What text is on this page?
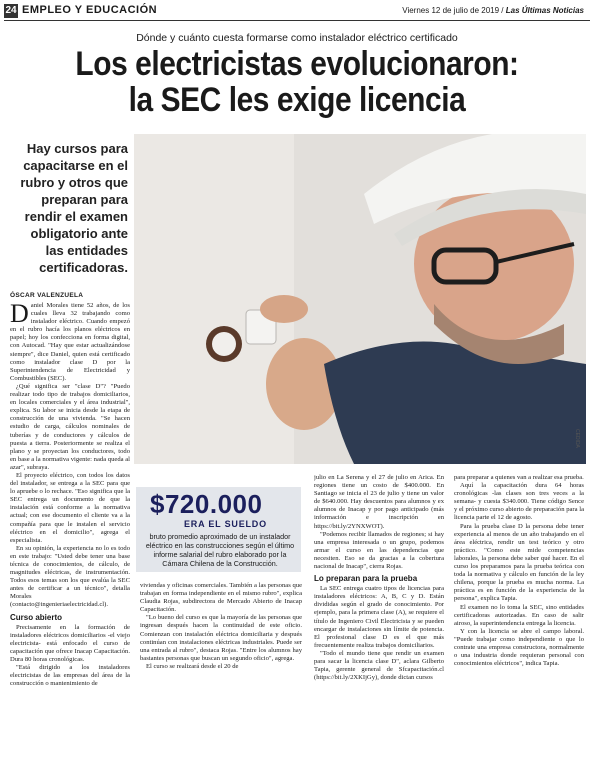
24 EMPLEO Y EDUCACIÓN	Viernes 12 de julio de 2019 / Las Últimas Noticias
Dónde y cuánto cuesta formarse como instalador eléctrico certificado
Los electricistas evolucionaron:
la SEC les exige licencia
Hay cursos para capacitarse en el rubro y otros que preparan para rendir el examen obligatorio ante las entidades certificadoras.
ÓSCAR VALENZUELA
CEDIDA

Daniel Morales tiene 52 años, de los cuales lleva 32 trabajando como instalador eléctrico. Cuando empezó en el rubro hacía los planos eléctricos en papel; hoy los confecciona en forma digital, con Autocad. "Hay que estar actualizándose siempre", dice Daniel, quien está certificado como instalador clase D por la Superintendencia de Electricidad y Combustibles (SEC).

¿Qué significa ser "clase D"? "Puedo realizar todo tipo de trabajos domiciliarios, en locales comerciales y el área industrial", explica. Su labor se inicia desde la etapa de construcción de una vivienda. "Se hacen estudio de carga, cálculos nominales de tuberías y de conductores y cálculos de puesta a tierra. Posteriormente se realiza el plano y se proyectan los conductores, todo en base a la normativa vigente: nada queda al azar", subraya.

El proyecto eléctrico, con todos los datos del instalador, se entrega a la SEC para que lo apruebe o lo rechace. "Eso significa que la SEC entrega un documento de que la instalación está conforme a la normativa actual; con ese documento el cliente va a la compañía para que le instalen el servicio eléctrico en el domicilio", agrega el especialista.

En su opinión, la experiencia no lo es todo en este trabajo: "Usted debe tener una base técnica de conocimientos, de cálculo, de magnitudes eléctricas, de instrumentación. Todos esos temas son los que evalúa la SEC antes de certificar a un técnico", detalla Morales (contacto@ingenieriaelectricidad.cl).

Curso abierto

Precisamente en la formación de instaladores eléctricos domiciliarios -el viejo electricista- está enfocado el curso de capacitación que ofrece Inacap Capacitación. Dura 80 horas cronológicas.

"Está dirigido a los instaladores electricistas de las empresas del área de la construcción o mantenimiento de

$720.000
ERA EL SUELDO
bruto promedio aproximado de un instalador eléctrico en las construcciones según el último informe salarial del rubro elaborado por la Cámara Chilena de la Construcción.

viviendas y oficinas comerciales. También a las personas que trabajan en forma independiente en el mismo rubro", explica Claudia Rojas, subdirectora de Mercado Abierto de Inacap Capacitación.

"Lo bueno del curso es que la mayoría de las personas que ingresan después hacen la continuidad de este oficio. Comienzan con instalación eléctrica domiciliaria y después continúan con instalaciones eléctricas industriales. Puede ser una entrada al rubro", destaca Rojas. "Entre los alumnos hay bastantes personas que buscan un segundo oficio", agrega.

El curso se realizará desde el 20 de

julio en La Serena y el 27 de julio en Arica. En regiones tiene un costo de $400.000. En Santiago se inicia el 23 de julio y tiene un valor de $640.000. Hay descuentos para alumnos y ex alumnos de Inacap y por pago anticipado (más información e inscripción en https://bit.ly/2YNXWOT).

"Podemos recibir llamados de regiones; si hay una empresa interesada o un grupo, podemos armar el curso en las dependencias que necesiten. Eso se da gracias a la cobertura nacional de Inacap", cierra Rojas.

Lo preparan para la prueba

La SEC entrega cuatro tipos de licencias para instaladores eléctricos: A, B, C y D. Están divididas según el grado de conocimiento. Por ejemplo, para la primera clase (A), se requiere el título de Ingeniero Civil Electricista y se pueden encargar de instalaciones sin límite de potencia. El profesional clase D es el que más frecuentemente realiza trabajos domiciliarios.

"Todo el mundo tiene que rendir un examen para sacar la licencia clase D", aclara Gilberto Tapia, gerente general de Sfcapacitación.cl (https://bit.ly/2XKIjGy), donde dictan cursos

para preparar a quienes van a realizar esa prueba.

Aquí la capacitación dura 64 horas cronológicas -las clases son tres veces a la semana- y cuesta $340.000. Tiene código Sence y el próximo curso abierto de preparación para la licencia parte el 12 de agosto.

Para la prueba clase D la persona debe tener experiencia al menos de un año trabajando en el área eléctrica, rendir un test teórico y otro práctico. "Como este mide competencias laborales, la persona debe saber qué hacer. En el curso los preparamos para la prueba teórica con toda la normativa y cálculo en función de la ley chilena, porque la prueba es mucha norma. La práctica es en función de la experiencia de la persona", explica Tapia.

El examen no lo toma la SEC, sino entidades certificadoras autorizadas. En caso de salir airoso, la superintendencia entrega la licencia.

Y con la licencia se abre el campo laboral. "Puede trabajar como independiente o que lo contrate una empresa constructora, normalmente o una industria donde requieran personal con conocimientos eléctricos", indica Tapia.
